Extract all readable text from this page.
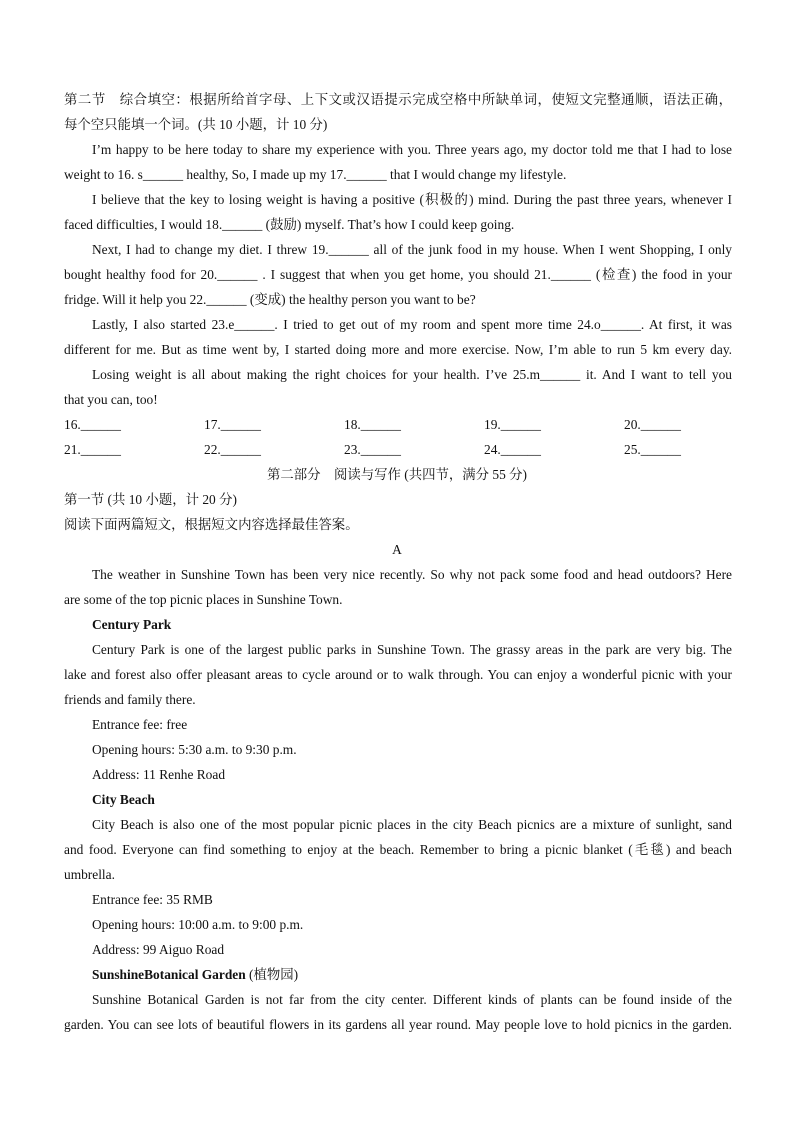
第二节　综合填空：根据所给首字母、上下文或汉语提示完成空格中所缺单词，使短文完整通顺，语法正确，
每个空只能填一个词。(共 10 小题，计 10 分)
I’m happy to be here today to share my experience with you. Three years ago, my doctor told me that I had to lose
weight to 16. s______ healthy, So, I made up my 17.______ that I would change my lifestyle.
I believe that the key to losing weight is having a positive (积极的) mind. During the past three years, whenever I
faced difficulties, I would 18.______ (鼓励) myself. That’s how I could keep going.
Next, I had to change my diet. I threw 19.______ all of the junk food in my house. When I went Shopping, I only
bought healthy food for 20.______ . I suggest that when you get home, you should 21.______ (检查) the food in your
fridge. Will it help you 22.______ (变成) the healthy person you want to be?
Lastly, I also started 23.e______. I tried to get out of my room and spent more time 24.o______. At first, it was
different for me. But as time went by, I started doing more and more exercise. Now, I’m able to run 5 km every day.
Losing weight is all about making the right choices for your health. I’ve 25.m______ it. And I want to tell you
that you can, too!
16.______	17.______	18.______	19.______	20.______
21.______	22.______	23.______	24.______	25.______
第二部分　阅读与写作 (共四节，满分 55 分)
第一节 (共 10 小题，计 20 分)
阅读下面两篇短文，根据短文内容选择最佳答案。
A
The weather in Sunshine Town has been very nice recently. So why not pack some food and head outdoors? Here
are some of the top picnic places in Sunshine Town.
Century Park
Century Park is one of the largest public parks in Sunshine Town. The grassy areas in the park are very big. The
lake and forest also offer pleasant areas to cycle around or to walk through. You can enjoy a wonderful picnic with your
friends and family there.
Entrance fee: free
Opening hours: 5:30 a.m. to 9:30 p.m.
Address: 11 Renhe Road
City Beach
City Beach is also one of the most popular picnic places in the city Beach picnics are a mixture of sunlight, sand
and food. Everyone can find something to enjoy at the beach. Remember to bring a picnic blanket (毛毯) and beach
umbrella.
Entrance fee: 35 RMB
Opening hours: 10:00 a.m. to 9:00 p.m.
Address: 99 Aiguo Road
SunshineBotanical Garden (植物园)
Sunshine Botanical Garden is not far from the city center. Different kinds of plants can be found inside of the
garden. You can see lots of beautiful flowers in its gardens all year round. May people love to hold picnics in the garden.
